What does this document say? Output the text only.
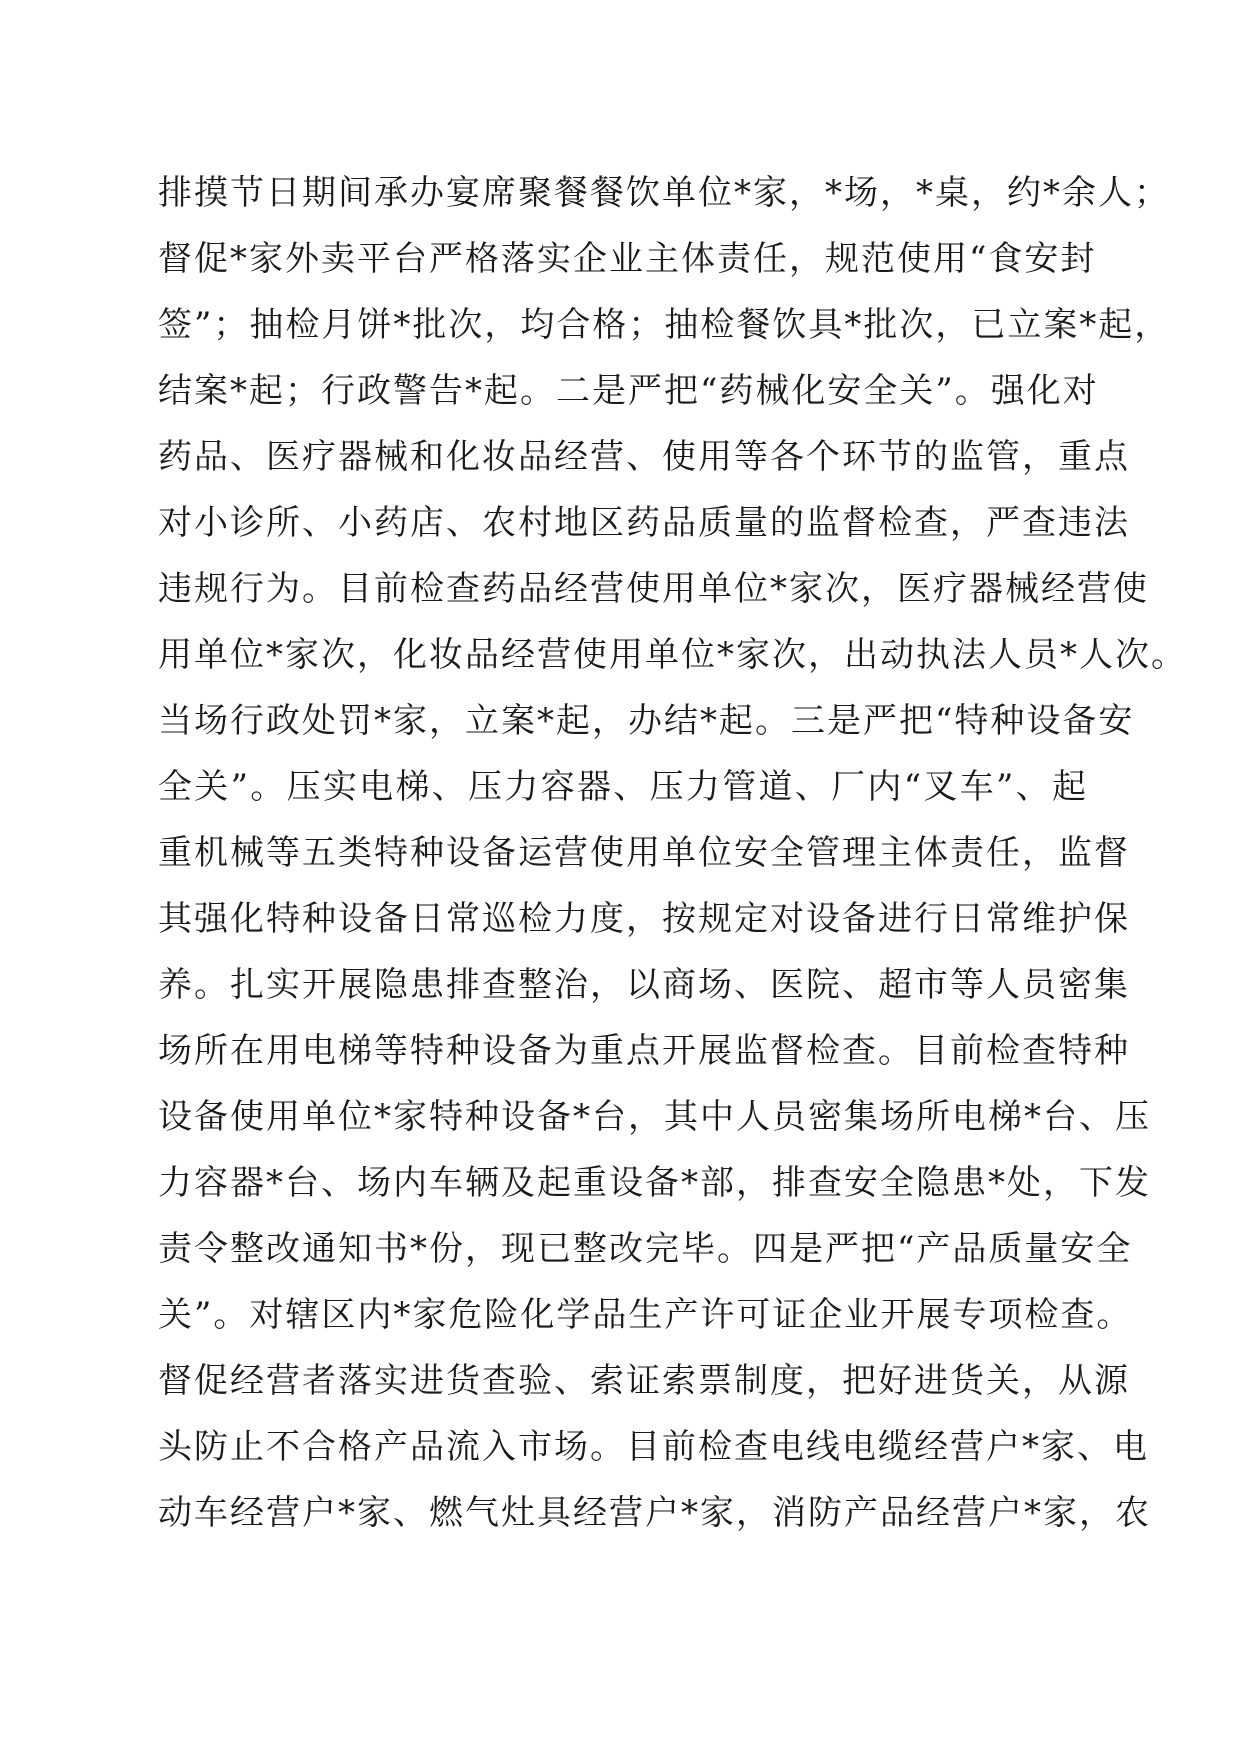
排摸节日期间承办宴席聚餐餐饮单位*家，*场，*桌，约*余人；
督促*家外卖平台严格落实企业主体责任，规范使用“食安封
签”；抽检月饼*批次，均合格；抽检餐饮具*批次，已立案*起，
结案*起；行政警告*起。二是严把“药械化安全关”。强化对
药品、医疗器械和化妆品经营、使用等各个环节的监管，重点
对小诊所、小药店、农村地区药品质量的监督检查，严查违法
违规行为。目前检查药品经营使用单位*家次，医疗器械经营使
用单位*家次，化妆品经营使用单位*家次，出动执法人员*人次。
当场行政处罚*家，立案*起，办结*起。三是严把“特种设备安
全关”。压实电梯、压力容器、压力管道、厂内“叉车”、起
重机械等五类特种设备运营使用单位安全管理主体责任，监督
其强化特种设备日常巡检力度，按规定对设备进行日常维护保
养。扎实开展隐患排查整治，以商场、医院、超市等人员密集
场所在用电梯等特种设备为重点开展监督检查。目前检查特种
设备使用单位*家特种设备*台，其中人员密集场所电梯*台、压
力容器*台、场内车辆及起重设备*部，排查安全隐患*处，下发
责令整改通知书*份，现已整改完毕。四是严把“产品质量安全
关”。对辖区内*家危险化学品生产许可证企业开展专项检查。
督促经营者落实进货查验、索证索票制度，把好进货关，从源
头防止不合格产品流入市场。目前检查电线电缆经营户*家、电
动车经营户*家、燃气灶具经营户*家，消防产品经营户*家，农
